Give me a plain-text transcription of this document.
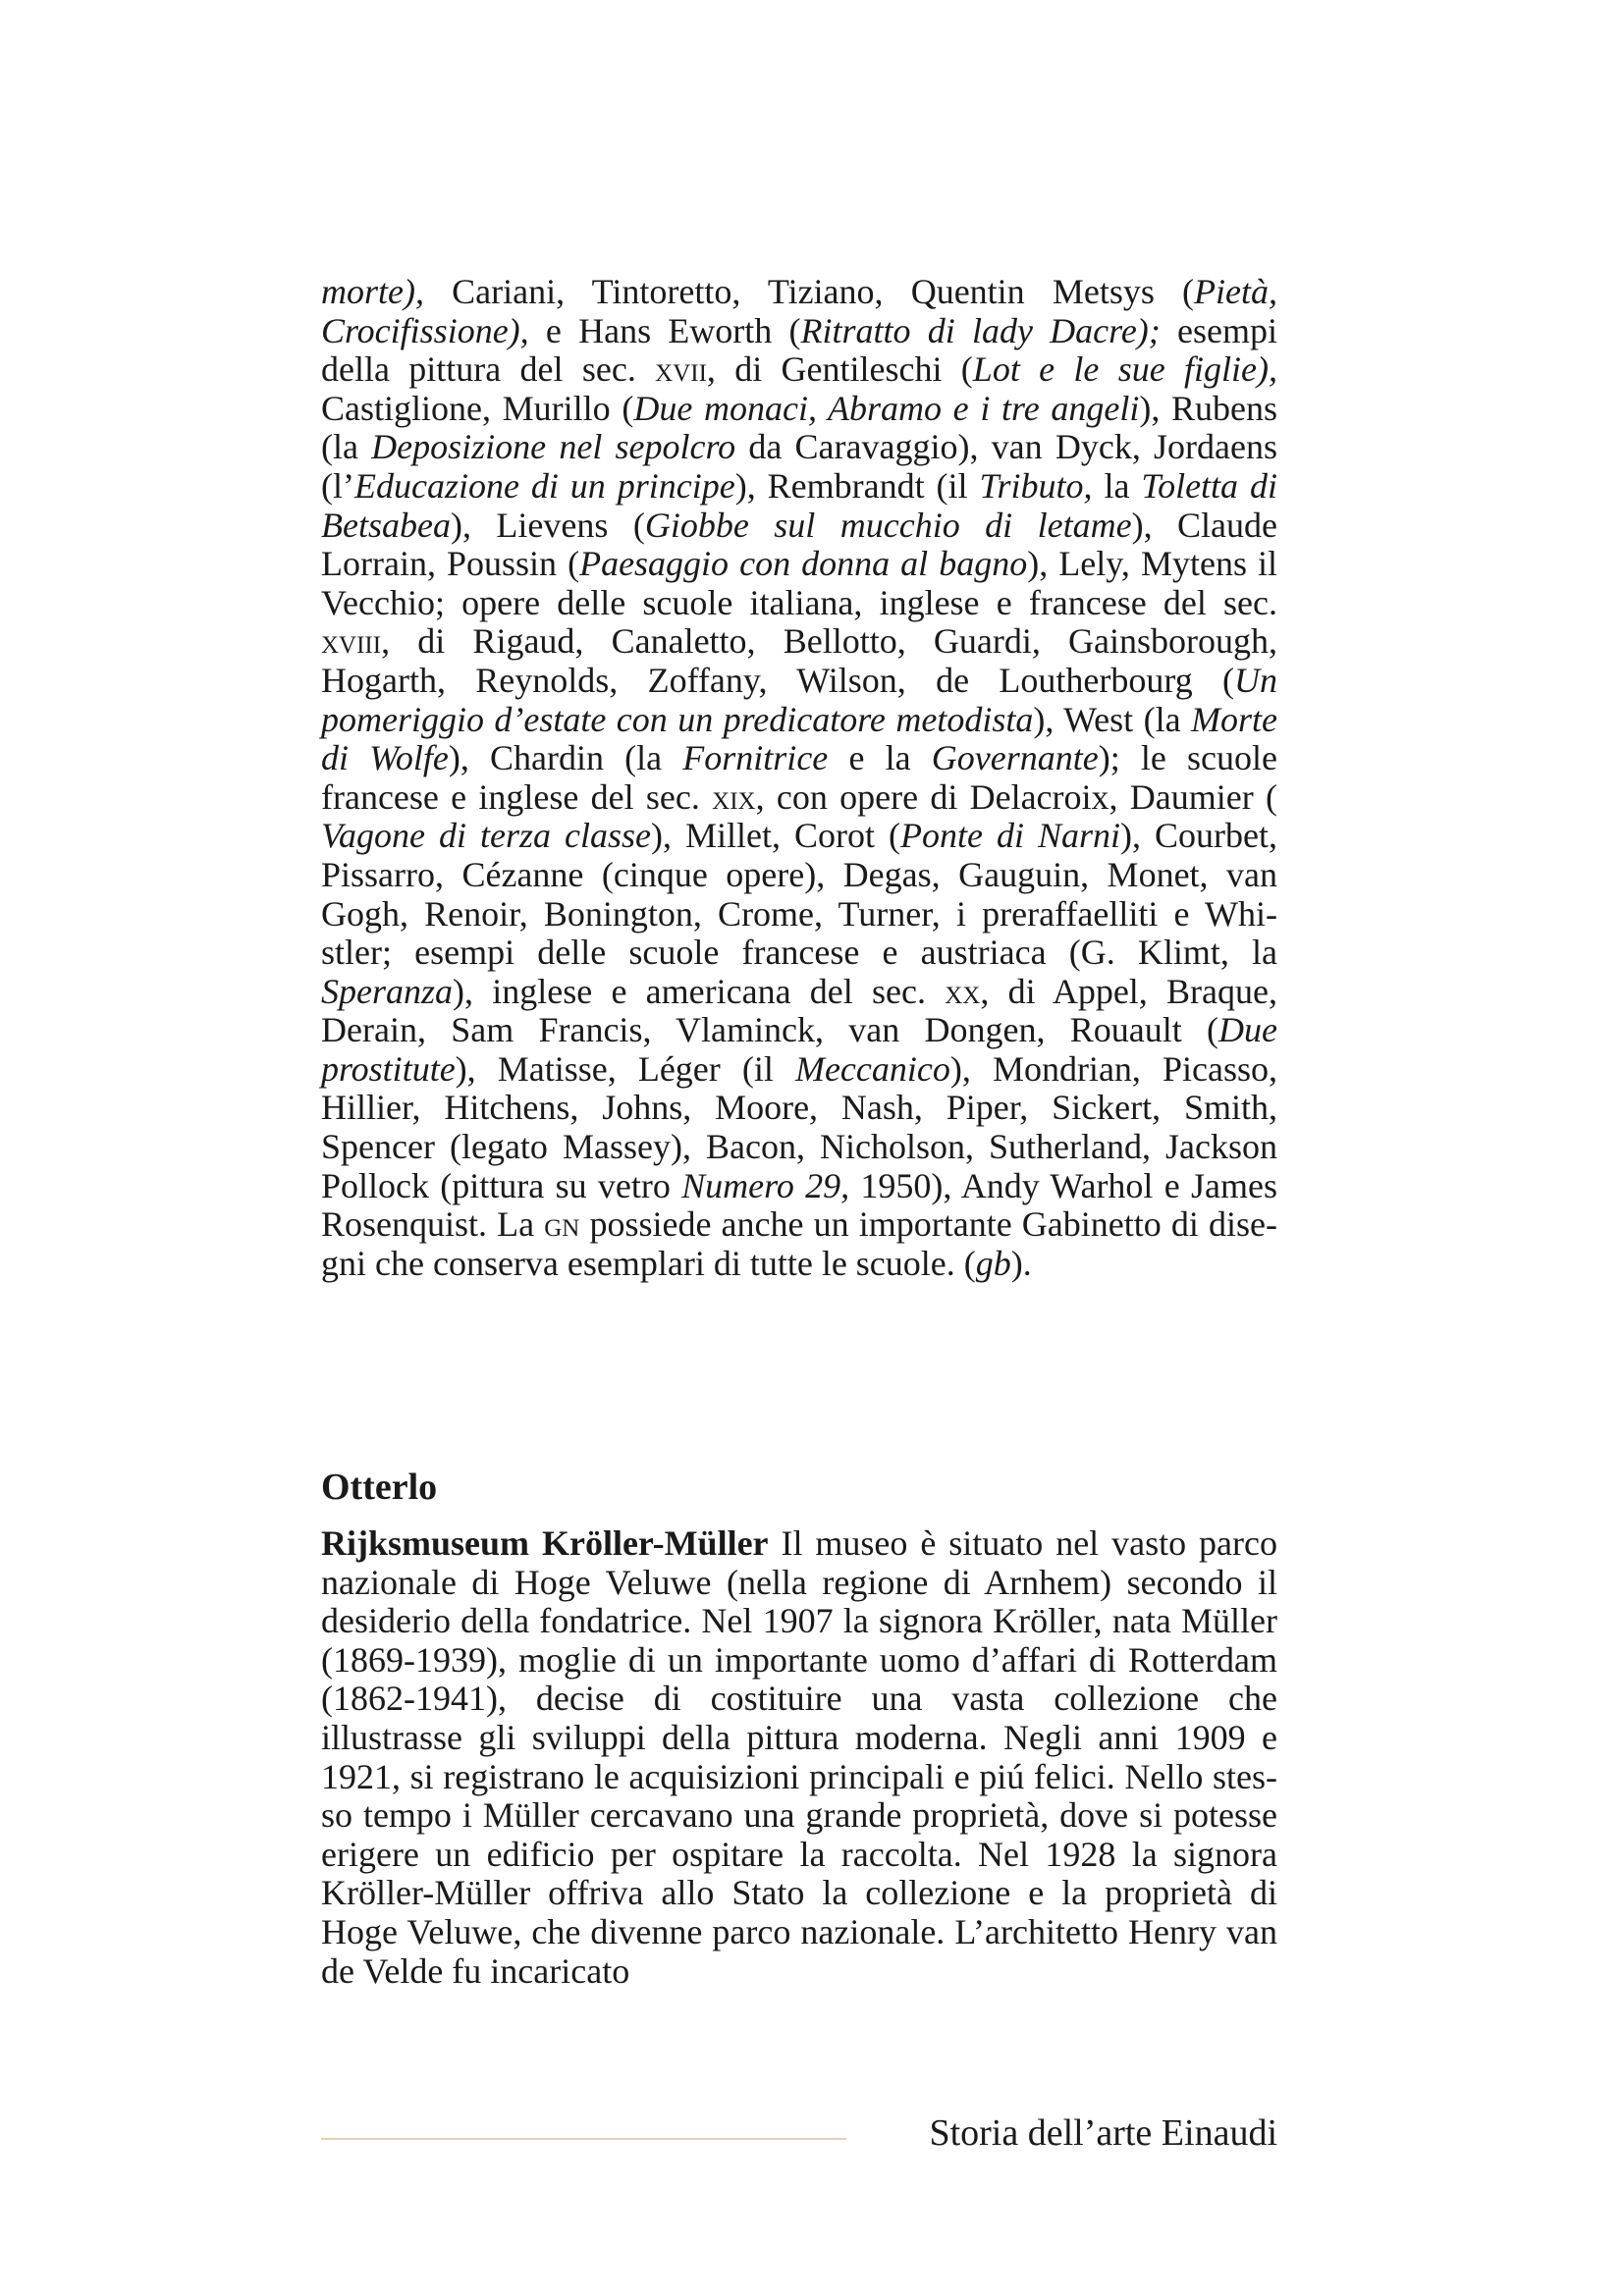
morte), Cariani, Tintoretto, Tiziano, Quentin Metsys (Pietà, Crocifissione), e Hans Eworth (Ritratto di lady Dacre); esempi della pittura del sec. xvii, di Gentileschi (Lot e le sue figlie), Castiglione, Murillo (Due monaci, Abramo e i tre angeli), Rubens (la Deposizione nel sepolcro da Caravaggio), van Dyck, Jordaens (l’Educazione di un principe), Rembrandt (il Tributo, la Toletta di Betsabea), Lievens (Giobbe sul mucchio di letame), Claude Lorrain, Poussin (Paesaggio con donna al bagno), Lely, Mytens il Vecchio; opere delle scuole italiana, inglese e francese del sec. xviii, di Rigaud, Canaletto, Bellotto, Guardi, Gainsborough, Hogarth, Reynolds, Zoffany, Wilson, de Loutherbourg (Un pomeriggio d’estate con un predicatore metodista), West (la Morte di Wolfe), Chardin (la Fornitrice e la Governante); le scuole francese e inglese del sec. xix, con opere di Delacroix, Daumier ( Vagone di terza classe), Millet, Corot (Ponte di Narni), Courbet, Pissarro, Cézanne (cinque opere), Degas, Gauguin, Monet, van Gogh, Renoir, Bonington, Crome, Turner, i preraffaelliti e Whistler; esempi delle scuole francese e austriaca (G. Klimt, la Speranza), inglese e americana del sec. xx, di Appel, Braque, Derain, Sam Francis, Vlaminck, van Dongen, Rouault (Due prostitute), Matisse, Léger (il Meccanico), Mondrian, Picasso, Hillier, Hitchens, Johns, Moore, Nash, Piper, Sickert, Smith, Spencer (legato Massey), Bacon, Nicholson, Sutherland, Jackson Pollock (pittura su vetro Numero 29, 1950), Andy Warhol e James Rosenquist. La gn possiede anche un importante Gabinetto di disegni che conserva esemplari di tutte le scuole. (gb).

Otterlo

Rijksmuseum Kröller-Müller Il museo è situato nel vasto parco nazionale di Hoge Veluwe (nella regione di Arnhem) secondo il desiderio della fondatrice. Nel 1907 la signora Kröller, nata Müller (1869-1939), moglie di un importante uomo d’affari di Rotterdam (1862-1941), decise di costituire una vasta collezione che illustrasse gli sviluppi della pittura moderna. Negli anni 1909 e 1921, si registrano le acquisizioni principali e piú felici. Nello stesso tempo i Müller cercavano una grande proprietà, dove si potesse erigere un edificio per ospitare la raccolta. Nel 1928 la signora Kröller-Müller offriva allo Stato la collezione e la proprietà di Hoge Veluwe, che divenne parco nazionale. L’architetto Henry van de Velde fu incaricato

Storia dell’arte Einaudi
